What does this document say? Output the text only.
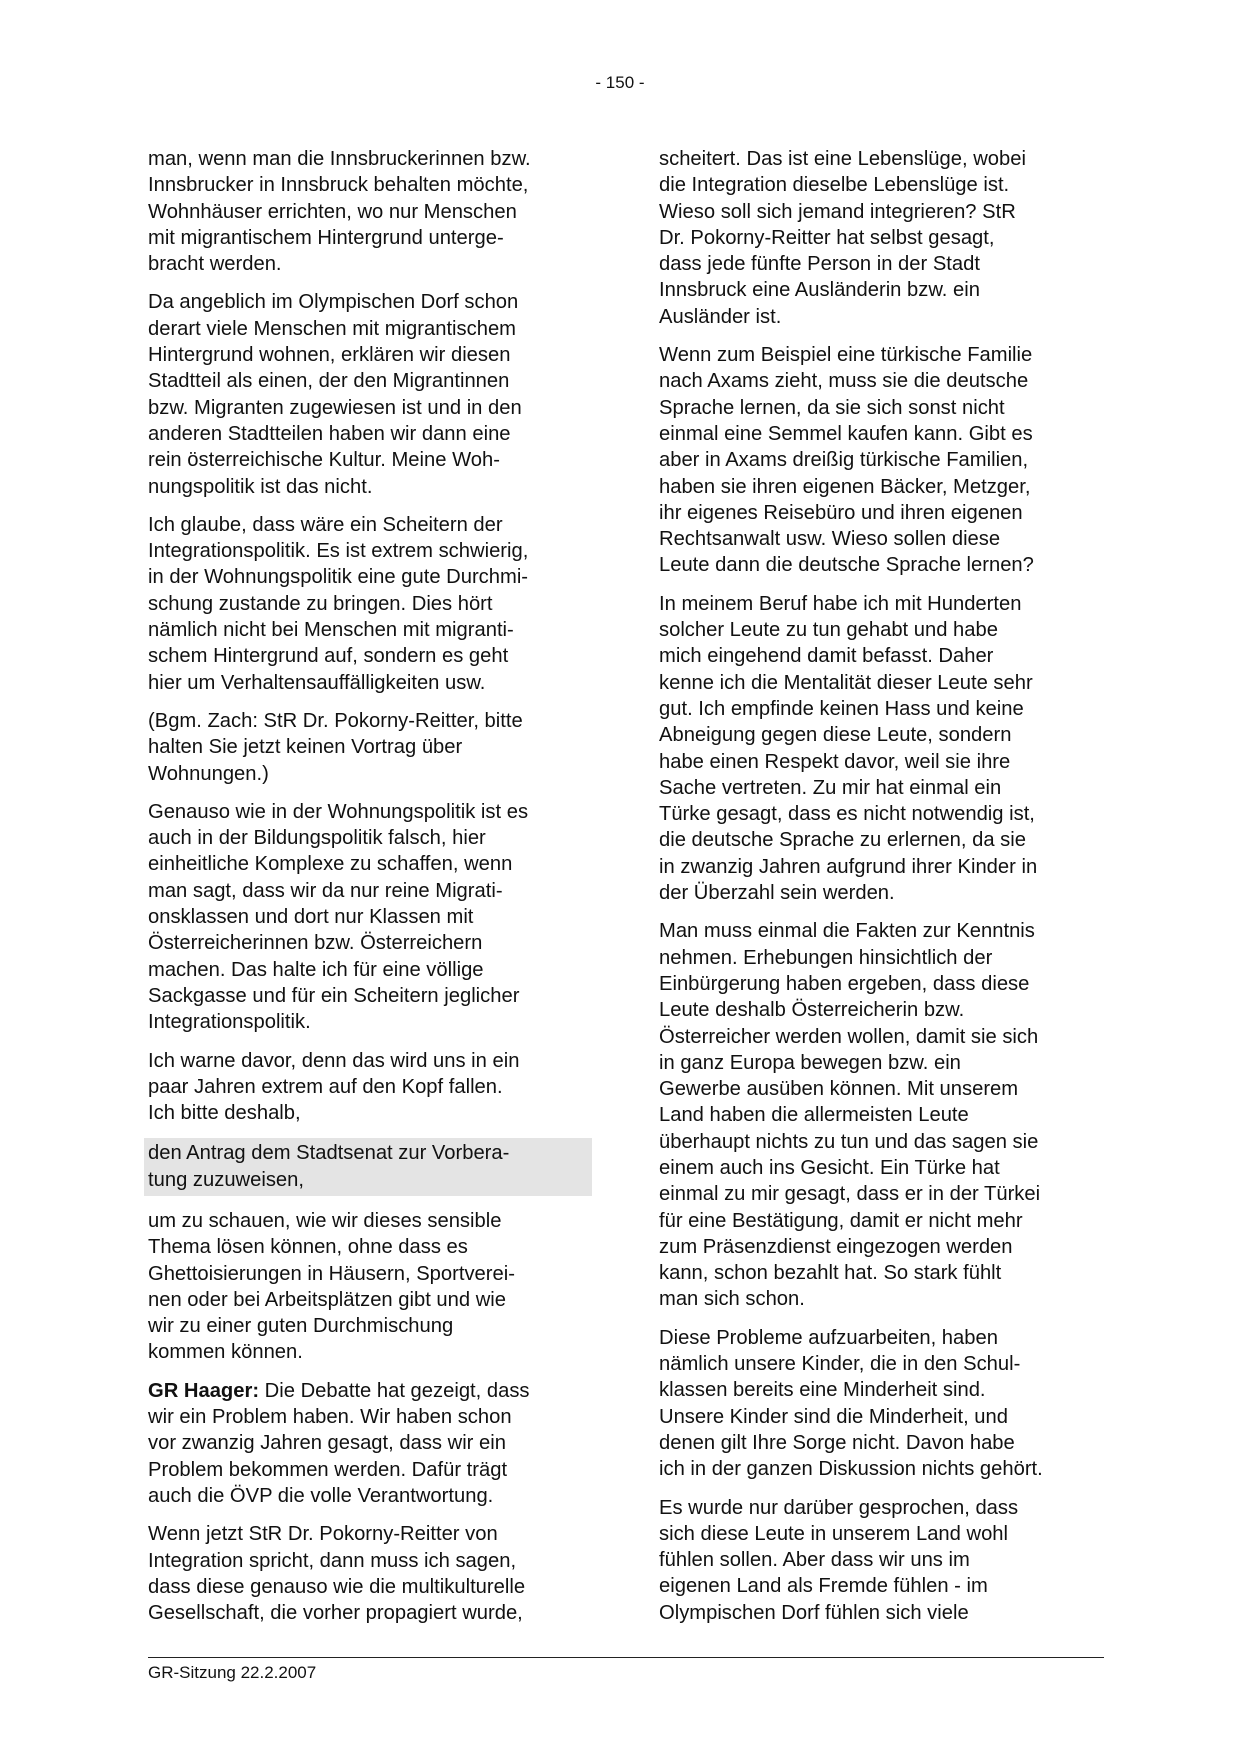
- 150 -

man, wenn man die Innsbruckerinnen bzw.
Innsbrucker in Innsbruck behalten möchte,
Wohnhäuser errichten, wo nur Menschen
mit migrantischem Hintergrund unterge-
bracht werden.

Da angeblich im Olympischen Dorf schon
derart viele Menschen mit migrantischem
Hintergrund wohnen, erklären wir diesen
Stadtteil als einen, der den Migrantinnen
bzw. Migranten zugewiesen ist und in den
anderen Stadtteilen haben wir dann eine
rein österreichische Kultur. Meine Woh-
nungspolitik ist das nicht.

Ich glaube, dass wäre ein Scheitern der
Integrationspolitik. Es ist extrem schwierig,
in der Wohnungspolitik eine gute Durchmi-
schung zustande zu bringen. Dies hört
nämlich nicht bei Menschen mit migranti-
schem Hintergrund auf, sondern es geht
hier um Verhaltensauffälligkeiten usw.

(Bgm. Zach: StR Dr. Pokorny-Reitter, bitte
halten Sie jetzt keinen Vortrag über
Wohnungen.)

Genauso wie in der Wohnungspolitik ist es
auch in der Bildungspolitik falsch, hier
einheitliche Komplexe zu schaffen, wenn
man sagt, dass wir da nur reine Migrati-
onsklassen und dort nur Klassen mit
Österreicherinnen bzw. Österreichern
machen. Das halte ich für eine völlige
Sackgasse und für ein Scheitern jeglicher
Integrationspolitik.

Ich warne davor, denn das wird uns in ein
paar Jahren extrem auf den Kopf fallen.
Ich bitte deshalb,

den Antrag dem Stadtsenat zur Vorbera-
tung zuzuweisen,

um zu schauen, wie wir dieses sensible
Thema lösen können, ohne dass es
Ghettoisierungen in Häusern, Sportverei-
nen oder bei Arbeitsplätzen gibt und wie
wir zu einer guten Durchmischung
kommen können.

GR Haager: Die Debatte hat gezeigt, dass
wir ein Problem haben. Wir haben schon
vor zwanzig Jahren gesagt, dass wir ein
Problem bekommen werden. Dafür trägt
auch die ÖVP die volle Verantwortung.

Wenn jetzt StR Dr. Pokorny-Reitter von
Integration spricht, dann muss ich sagen,
dass diese genauso wie die multikulturelle
Gesellschaft, die vorher propagiert wurde,

scheitert. Das ist eine Lebenslüge, wobei
die Integration dieselbe Lebenslüge ist.
Wieso soll sich jemand integrieren? StR
Dr. Pokorny-Reitter hat selbst gesagt,
dass jede fünfte Person in der Stadt
Innsbruck eine Ausländerin bzw. ein
Ausländer ist.

Wenn zum Beispiel eine türkische Familie
nach Axams zieht, muss sie die deutsche
Sprache lernen, da sie sich sonst nicht
einmal eine Semmel kaufen kann. Gibt es
aber in Axams dreißig türkische Familien,
haben sie ihren eigenen Bäcker, Metzger,
ihr eigenes Reisebüro und ihren eigenen
Rechtsanwalt usw. Wieso sollen diese
Leute dann die deutsche Sprache lernen?

In meinem Beruf habe ich mit Hunderten
solcher Leute zu tun gehabt und habe
mich eingehend damit befasst. Daher
kenne ich die Mentalität dieser Leute sehr
gut. Ich empfinde keinen Hass und keine
Abneigung gegen diese Leute, sondern
habe einen Respekt davor, weil sie ihre
Sache vertreten. Zu mir hat einmal ein
Türke gesagt, dass es nicht notwendig ist,
die deutsche Sprache zu erlernen, da sie
in zwanzig Jahren aufgrund ihrer Kinder in
der Überzahl sein werden.

Man muss einmal die Fakten zur Kenntnis
nehmen. Erhebungen hinsichtlich der
Einbürgerung haben ergeben, dass diese
Leute deshalb Österreicherin bzw.
Österreicher werden wollen, damit sie sich
in ganz Europa bewegen bzw. ein
Gewerbe ausüben können. Mit unserem
Land haben die allermeisten Leute
überhaupt nichts zu tun und das sagen sie
einem auch ins Gesicht. Ein Türke hat
einmal zu mir gesagt, dass er in der Türkei
für eine Bestätigung, damit er nicht mehr
zum Präsenzdienst eingezogen werden
kann, schon bezahlt hat. So stark fühlt
man sich schon.

Diese Probleme aufzuarbeiten, haben
nämlich unsere Kinder, die in den Schul-
klassen bereits eine Minderheit sind.
Unsere Kinder sind die Minderheit, und
denen gilt Ihre Sorge nicht. Davon habe
ich in der ganzen Diskussion nichts gehört.

Es wurde nur darüber gesprochen, dass
sich diese Leute in unserem Land wohl
fühlen sollen. Aber dass wir uns im
eigenen Land als Fremde fühlen - im
Olympischen Dorf fühlen sich viele

GR-Sitzung 22.2.2007
